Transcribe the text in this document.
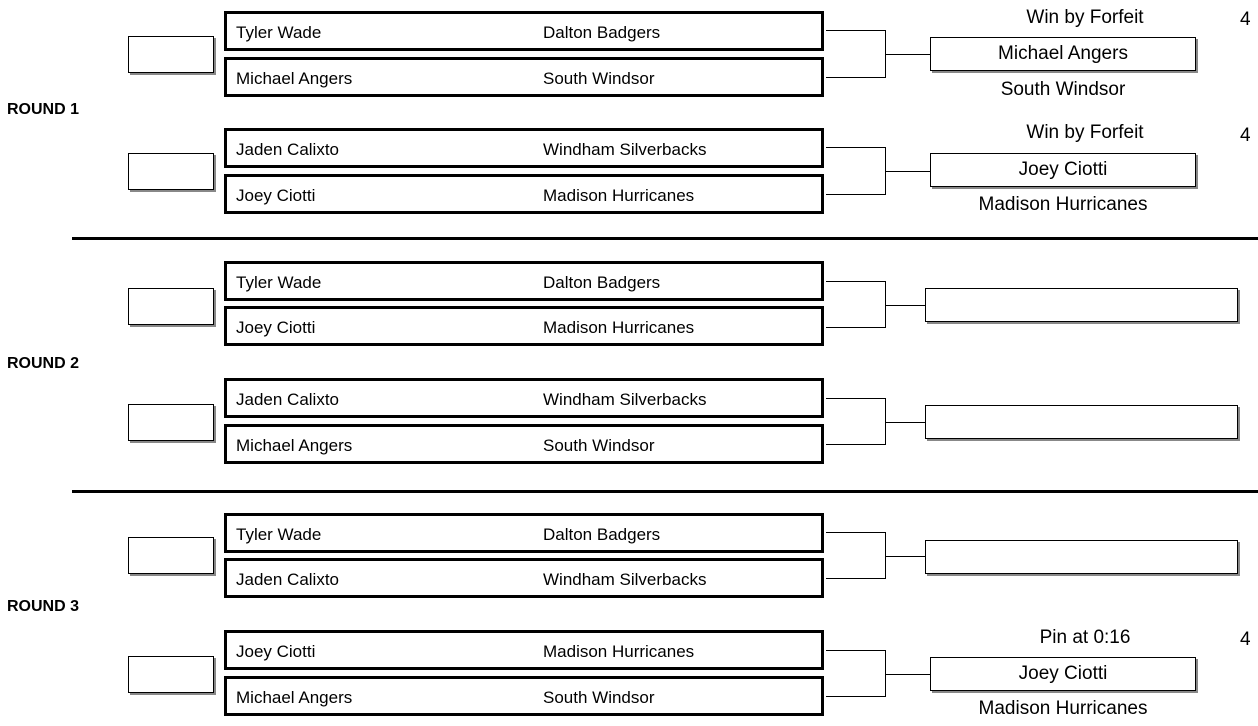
ROUND 1
Tyler Wade	Dalton Badgers
Michael Angers	South Windsor
Win by Forfeit	4
Michael Angers
South Windsor
Jaden Calixto	Windham Silverbacks
Joey Ciotti	Madison Hurricanes
Win by Forfeit	4
Joey Ciotti
Madison Hurricanes
ROUND 2
Tyler Wade	Dalton Badgers
Joey Ciotti	Madison Hurricanes
Jaden Calixto	Windham Silverbacks
Michael Angers	South Windsor
ROUND 3
Tyler Wade	Dalton Badgers
Jaden Calixto	Windham Silverbacks
Joey Ciotti	Madison Hurricanes
Michael Angers	South Windsor
Pin at 0:16	4
Joey Ciotti
Madison Hurricanes
